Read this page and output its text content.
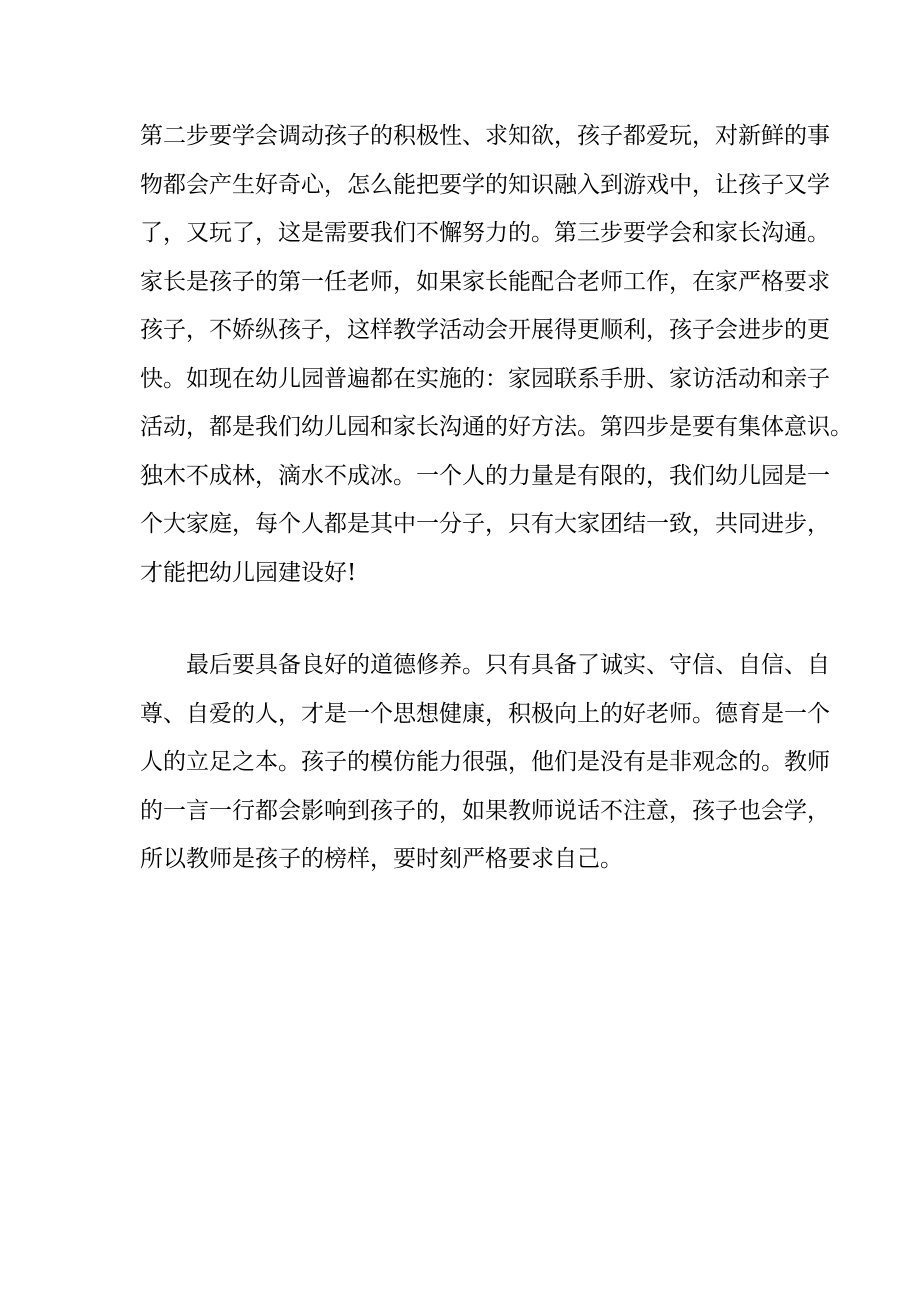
第二步要学会调动孩子的积极性、求知欲，孩子都爱玩，对新鲜的事
物都会产生好奇心，怎么能把要学的知识融入到游戏中，让孩子又学
了，又玩了，这是需要我们不懈努力的。第三步要学会和家长沟通。
家长是孩子的第一任老师，如果家长能配合老师工作，在家严格要求
孩子，不娇纵孩子，这样教学活动会开展得更顺利，孩子会进步的更
快。如现在幼儿园普遍都在实施的：家园联系手册、家访活动和亲子
活动，都是我们幼儿园和家长沟通的好方法。第四步是要有集体意识。
独木不成林，滴水不成冰。一个人的力量是有限的，我们幼儿园是一
个大家庭，每个人都是其中一分子，只有大家团结一致，共同进步，
才能把幼儿园建设好!
最后要具备良好的道德修养。只有具备了诚实、守信、自信、自
尊、自爱的人，才是一个思想健康，积极向上的好老师。德育是一个
人的立足之本。孩子的模仿能力很强，他们是没有是非观念的。教师
的一言一行都会影响到孩子的，如果教师说话不注意，孩子也会学，
所以教师是孩子的榜样，要时刻严格要求自己。
